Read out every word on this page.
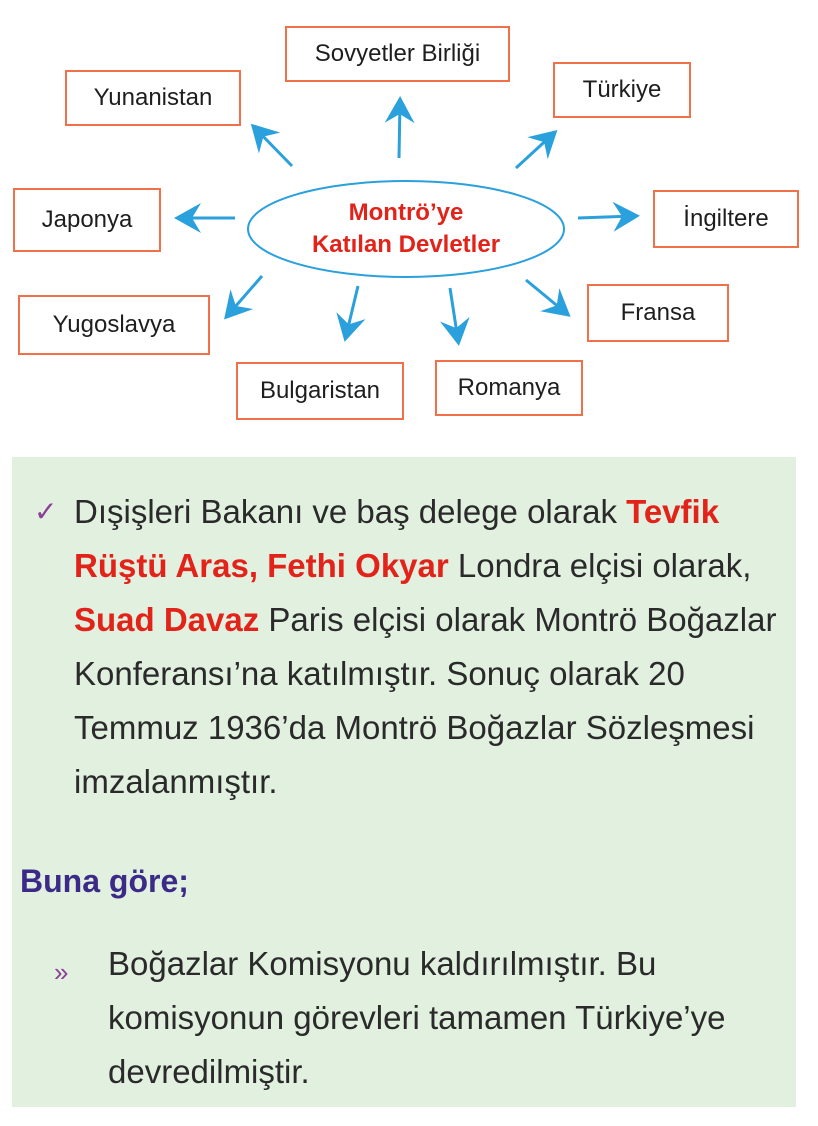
Sovyetler Birliği
Yunanistan	Türkiye
Japonya	İngiltere
Yugoslavya	Fransa
Bulgaristan	Romanya
Montrö’ye
Katılan Devletler
✓ Dışişleri Bakanı ve baş delege olarak Tevfik Rüştü Aras, Fethi Okyar Londra elçisi olarak, Suad Davaz Paris elçisi olarak Montrö Boğazlar Konferansı’na katılmıştır. Sonuç olarak 20 Temmuz 1936’da Montrö Boğazlar Sözleşmesi imzalanmıştır.
Buna göre;
» Boğazlar Komisyonu kaldırılmıştır. Bu komisyonun görevleri tamamen Türkiye’ye devredilmiştir.
